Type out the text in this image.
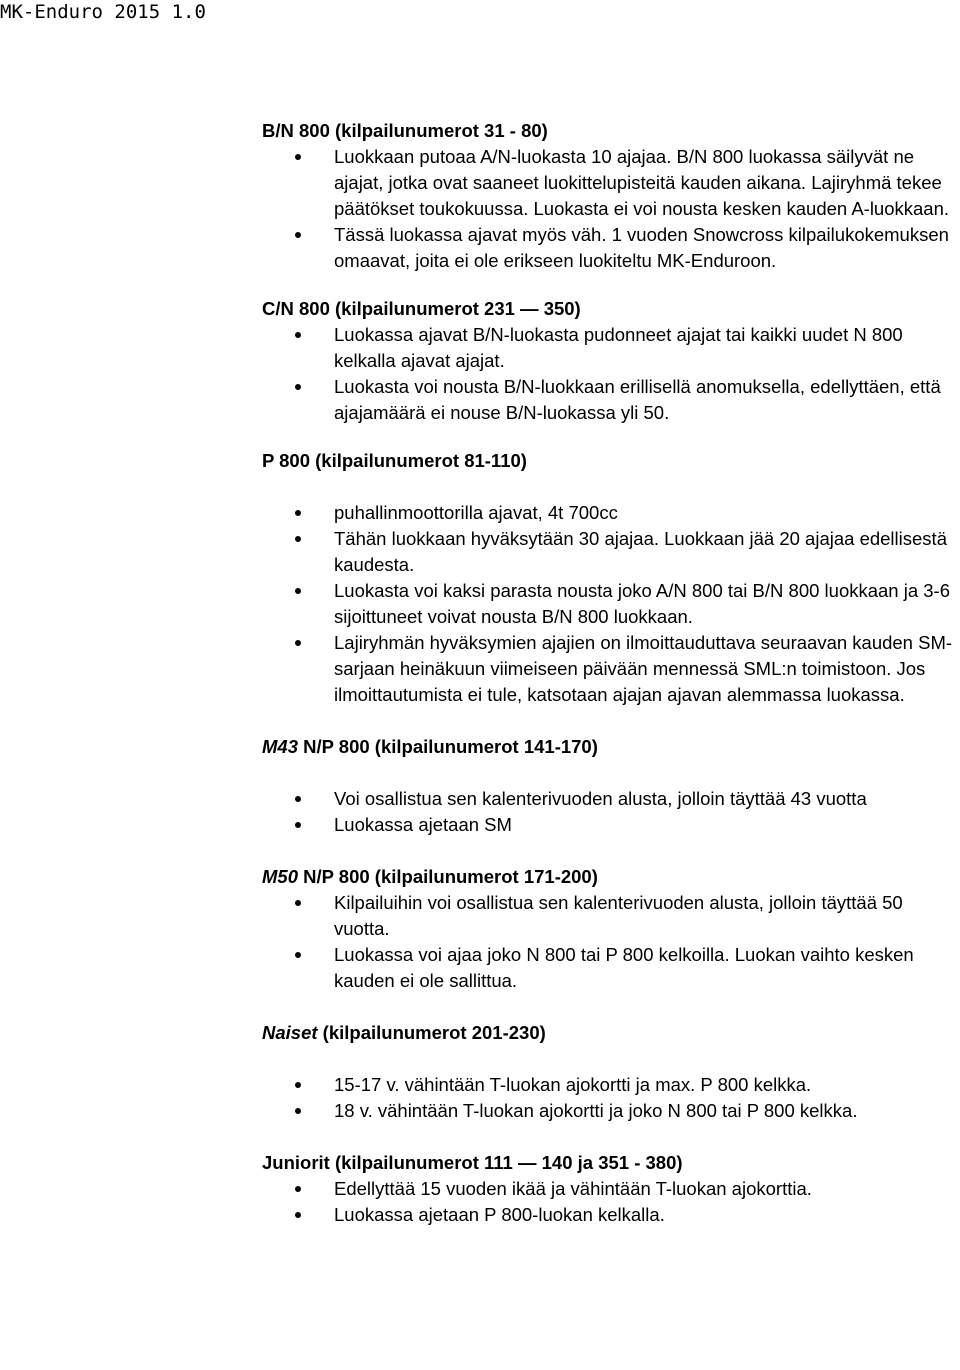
MK-Enduro 2015 1.0

B/N 800 (kilpailunumerot 31 - 80)

Luokkaan putoaa A/N-luokasta 10 ajajaa. B/N 800 luokassa säilyvät ne ajajat, jotka ovat saaneet luokittelupisteitä kauden aikana. Lajiryhmä tekee päätökset toukokuussa. Luokasta ei voi nousta kesken kauden A-luokkaan.
Tässä luokassa ajavat myös väh. 1 vuoden Snowcross kilpailukokemuksen omaavat, joita ei ole erikseen luokiteltu MK-Enduroon.

C/N 800 (kilpailunumerot 231 — 350)

Luokassa ajavat B/N-luokasta pudonneet ajajat tai kaikki uudet N 800 kelkalla ajavat ajajat.
Luokasta voi nousta B/N-luokkaan erillisellä anomuksella, edellyttäen, että ajajamäärä ei nouse B/N-luokassa yli 50.

P 800 (kilpailunumerot 81-110)

puhallinmoottorilla ajavat, 4t 700cc
Tähän luokkaan hyväksytään 30 ajajaa. Luokkaan jää 20 ajajaa edellisestä kaudesta.
Luokasta voi kaksi parasta nousta joko A/N 800 tai B/N 800 luokkaan ja 3-6 sijoittuneet voivat nousta B/N 800 luokkaan.
Lajiryhmän hyväksymien ajajien on ilmoittauduttava seuraavan kauden SM-sarjaan heinäkuun viimeiseen päivään mennessä SML:n toimistoon. Jos ilmoittautumista ei tule, katsotaan ajajan ajavan alemmassa luokassa.

M43 N/P 800 (kilpailunumerot 141-170)

Voi osallistua sen kalenterivuoden alusta, jolloin täyttää 43 vuotta
Luokassa ajetaan SM

M50 N/P 800 (kilpailunumerot 171-200)

Kilpailuihin voi osallistua sen kalenterivuoden alusta, jolloin täyttää 50 vuotta.
Luokassa voi ajaa joko N 800 tai P 800 kelkoilla. Luokan vaihto kesken kauden ei ole sallittua.

Naiset (kilpailunumerot 201-230)

15-17 v. vähintään T-luokan ajokortti ja max. P 800 kelkka.
18 v. vähintään T-luokan ajokortti ja joko N 800 tai P 800 kelkka.

Juniorit (kilpailunumerot 111 — 140 ja 351 - 380)

Edellyttää 15 vuoden ikää ja vähintään T-luokan ajokorttia.
Luokassa ajetaan P 800-luokan kelkalla.
